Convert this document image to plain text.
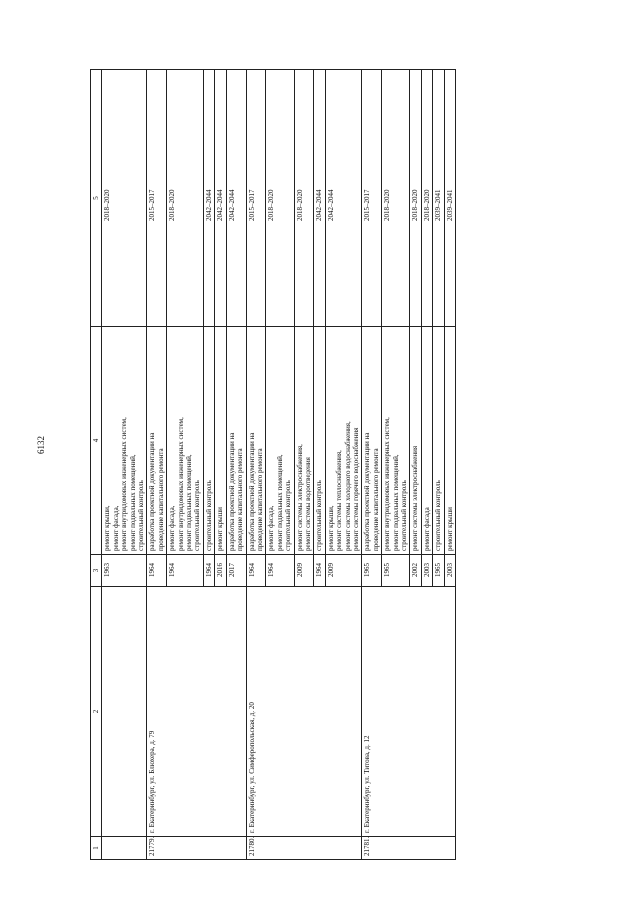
6132
1	2	3	4	5
		1963	ремонт крыши, ремонт фасада, ремонт внутридомовых инженерных систем, ремонт подвальных помещений, строительный контроль	2018–2020
21779.	г. Екатеринбург, ул. Блюхера, д. 79	1964	разработка проектной документации на проведение капитального ремонта	2015–2017
		1964	ремонт фасада, ремонт внутридомовых инженерных систем, ремонт подвальных помещений, строительный контроль	2018–2020
		1964	строительный контроль	2042–2044
		2016	ремонт крыши	2042–2044
		2017	разработка проектной документации на проведение капитального ремонта	2042–2044
21780.	г. Екатеринбург, ул. Симферопольская, д. 20	1964	разработка проектной документации на проведение капитального ремонта	2015–2017
		1964	ремонт фасада, ремонт подвальных помещений, строительный контроль	2018–2020
		2009	ремонт системы электроснабжения, ремонт системы водоотведения	2018–2020
		1964	строительный контроль	2042–2044
		2009	ремонт крыши, ремонт системы теплоснабжения, ремонт системы холодного водоснабжения, ремонт системы горячего водоснабжения	2042–2044
21781.	г. Екатеринбург, ул. Титова, д. 12	1965	разработка проектной документации на проведение капитального ремонта	2015–2017
		1965	ремонт внутридомовых инженерных систем, ремонт подвальных помещений, строительный контроль	2018–2020
		2002	ремонт системы электроснабжения	2018–2020
		2003	ремонт фасада	2018–2020
		1965	строительный контроль	2039–2041
		2003	ремонт крыши	2039–2041
